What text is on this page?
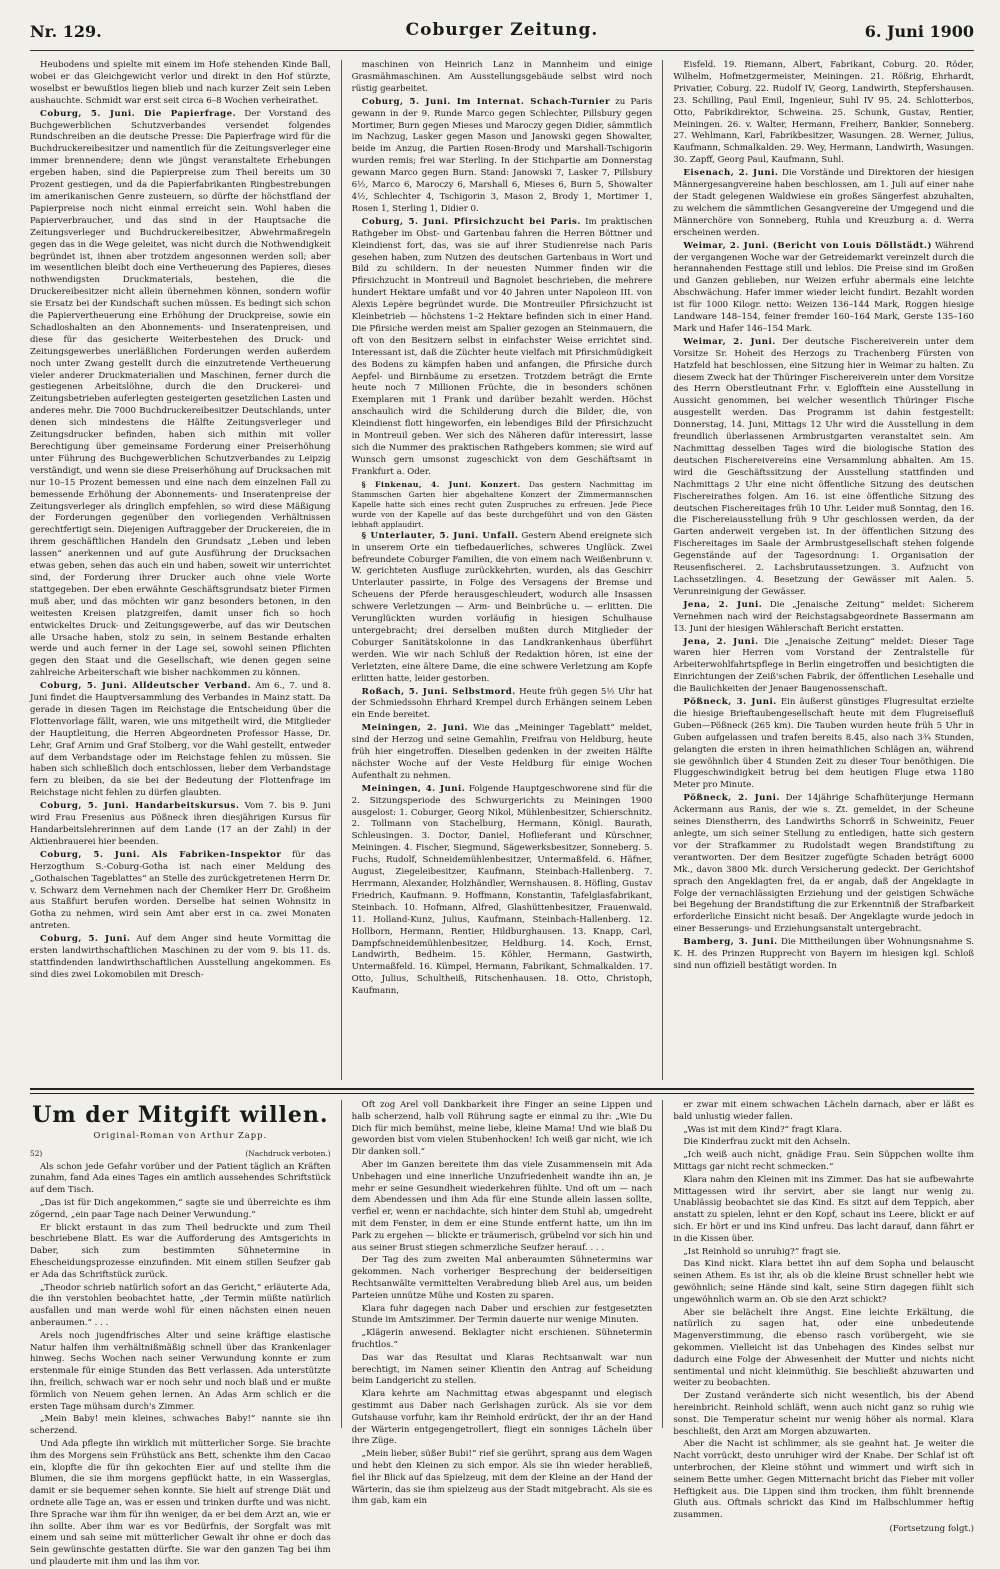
Nr. 129.	Coburger Zeitung.	6. Juni 1900

Heubodens und spielte mit einem im Hofe stehenden Kinde Ball, wobei er das Gleichgewicht verlor und direkt in den Hof stürzte, woselbst er bewußtlos liegen blieb und nach kurzer Zeit sein Leben aushauchte. Schmidt war erst seit circa 6–8 Wochen verheirathet.

Coburg, 5. Juni. Die Papierfrage. Der Vorstand des Buchgewerblichen Schutzverbandes versendet folgendes Rundschreiben an die deutsche Presse: Die Papierfrage wird für die Buchdruckereibesitzer und namentlich für die Zeitungsverleger eine immer brennendere; denn wie jüngst veranstaltete Erhebungen ergeben haben, sind die Papierpreise zum Theil bereits um 30 Prozent gestiegen, und da die Papierfabrikanten Ringbestrebungen im amerikanischen Genre zusteuern, so dürfte der höchstfland der Papierpreise noch nicht einmal erreicht sein. Wohl haben die Papierverbraucher, und das sind in der Hauptsache die Zeitungsverleger und Buchdruckereibesitzer, Abwehrmaßregeln gegen das in die Wege geleitet, was nicht durch die Nothwendigkeit begründet ist, ihnen aber trotzdem angesonnen werden soll; aber im wesentlichen bleibt doch eine Vertheuerung des Papieres, dieses nothwendigsten Druckmaterials, bestehen, die die Druckereibesitzer nicht allein übernehmen können, sondern wofür sie Ersatz bei der Kundschaft suchen müssen. Es bedingt sich schon die Papiervertheuerung eine Erhöhung der Druckpreise, sowie ein Schadloshalten an den Abonnements- und Inseratenpreisen, und diese für das gesicherte Weiterbestehen des Druck- und Zeitungsgewerbes unerläßlichen Forderungen werden außerdem noch unter Zwang gestellt durch die einzutretende Vertheuerung vieler anderer Druckmaterialien und Maschinen, ferner durch die gestiegenen Arbeitslöhne, durch die den Druckerei- und Zeitungsbetrieben auferlegten gesteigerten gesetzlichen Lasten und anderes mehr. Die 7000 Buchdruckereibesitzer Deutschlands, unter denen sich mindestens die Hälfte Zeitungsverleger und Zeitungsdrucker befinden, haben sich mithin mit voller Berechtigung über gemeinsame Forderung einer Preiserhöhung unter Führung des Buchgewerblichen Schutzverbandes zu Leipzig verständigt, und wenn sie diese Preiserhöhung auf Drucksachen mit nur 10–15 Prozent bemessen und eine nach dem einzelnen Fall zu bemessende Erhöhung der Abonnements- und Inseratenpreise der Zeitungsverleger als dringlich empfehlen, so wird diese Mäßigung der Forderungen gegenüber den vorliegenden Verhältnissen gerechtfertigt sein. Diejenigen Auftraggeber der Druckereien, die in ihrem geschäftlichen Handeln den Grundsatz „Leben und leben lassen“ anerkennen und auf gute Ausführung der Drucksachen etwas geben, sehen das auch ein und haben, soweit wir unterrichtet sind, der Forderung ihrer Drucker auch ohne viele Worte stattgegeben. Der eben erwähnte Geschäftsgrundsatz bieter Firmen muß aber, und das möchten wir ganz besonders betonen, in den weitesten Kreisen platzgreifen, damit unser fich so hoch entwickeltes Druck- und Zeitungsgewerbe, auf das wir Deutschen alle Ursache haben, stolz zu sein, in seinem Bestande erhalten werde und auch ferner in der Lage sei, sowohl seinen Pflichten gegen den Staat und die Gesellschaft, wie denen gegen seine zahlreiche Arbeiterschaft wie bisher nachkommen zu können.

Coburg, 5. Juni. Alldeutscher Verband. Am 6., 7. und 8. Juni findet die Hauptversammlung des Verbandes in Mainz statt. Da gerade in diesen Tagen im Reichstage die Entscheidung über die Flottenvorlage fällt, waren, wie uns mitgetheilt wird, die Mitglieder der Hauptleitung, die Herren Abgeordneten Professor Hasse, Dr. Lehr, Graf Arnim und Graf Stolberg, vor die Wahl gestellt, entweder auf dem Verbandstage oder im Reichstage fehlen zu müssen. Sie haben sich schließlich doch entschlossen, lieber dem Verbandstage fern zu bleiben, da sie bei der Bedeutung der Flottenfrage im Reichstage nicht fehlen zu dürfen glaubten.

Coburg, 5. Juni. Handarbeitskursus. Vom 7. bis 9. Juni wird Frau Fresenius aus Pößneck ihren diesjährigen Kursus für Handarbeitslehrerinnen auf dem Lande (17 an der Zahl) in der Aktienbrauerei hier beenden.

Coburg, 5. Juni. Als Fabriken-Inspektor für das Herzogthum S.-Coburg-Gotha ist nach einer Meldung des „Gothaischen Tageblattes“ an Stelle des zurückgetretenen Herrn Dr. v. Schwarz dem Vernehmen nach der Chemiker Herr Dr. Großheim aus Staßfurt berufen worden. Derselbe hat seinen Wohnsitz in Gotha zu nehmen, wird sein Amt aber erst in ca. zwei Monaten antreten.

Coburg, 5. Juni. Auf dem Anger sind heute Vormittag die ersten landwirthschaftlichen Maschinen zu der vom 9. bis 11. ds. stattfindenden landwirthschaftlichen Ausstellung angekommen. Es sind dies zwei Lokomobilen mit Dresch-

maschinen von Heinrich Lanz in Mannheim und einige Grasmähmaschinen. Am Ausstellungsgebäude selbst wird noch rüstig gearbeitet.

Coburg, 5. Juni. Im Internat. Schach-Turnier zu Paris gewann in der 9. Runde Marco gegen Schlechter, Pillsbury gegen Mortimer, Burn gegen Mieses und Maroczy gegen Didier, sämmtlich im Nachzug, Lasker gegen Mason und Janowski gegen Showalter, beide im Anzug, die Partien Rosen-Brody und Marshall-Tschigorin wurden remis; frei war Sterling. In der Stichpartie am Donnerstag gewann Marco gegen Burn. Stand: Janowski 7, Lasker 7, Pillsbury 6½, Marco 6, Maroczy 6, Marshall 6, Mieses 6, Burn 5, Showalter 4½, Schlechter 4, Tschigorin 3, Mason 2, Brody 1, Mortimer 1, Rosen 1, Sterling 1, Didier 0.

Coburg, 5. Juni. Pfirsichzucht bei Paris. Im praktischen Rathgeber im Obst- und Gartenbau fahren die Herren Böttner und Kleindienst fort, das, was sie auf ihrer Studienreise nach Paris gesehen haben, zum Nutzen des deutschen Gartenbaus in Wort und Bild zu schildern. In der neuesten Nummer finden wir die Pfirsichzucht in Montreuil und Bagnolet beschrieben, die mehrere hundert Hektare umfaßt und vor 40 Jahren unter Napoleon III. von Alexis Lepère begründet wurde. Die Montreuiler Pfirsichzucht ist Kleinbetrieb — höchstens 1–2 Hektare befinden sich in einer Hand. Die Pfirsiche werden meist am Spalier gezogen an Steinmauern, die oft von den Besitzern selbst in einfachster Weise errichtet sind. Interessant ist, daß die Züchter heute vielfach mit Pfirsichmüdigkeit des Bodens zu kämpfen haben und anfangen, die Pfirsiche durch Aepfel- und Birnbäume zu ersetzen. Trotzdem beträgt die Ernte heute noch 7 Millionen Früchte, die in besonders schönen Exemplaren mit 1 Frank und darüber bezahlt werden. Höchst anschaulich wird die Schilderung durch die Bilder, die, von Kleindienst flott hingeworfen, ein lebendiges Bild der Pfirsichzucht in Montreuil geben. Wer sich des Näheren dafür interessirt, lasse sich die Nummer des praktischen Rathgebers kommen; sie wird auf Wunsch gern umsonst zugeschickt von dem Geschäftsamt in Frankfurt a. Oder.

§ Finkenau, 4. Juni. Konzert. Das gestern Nachmittag im Stammschen Garten hier abgehaltene Konzert der Zimmermannschen Kapelle hatte sich eines recht guten Zuspruches zu erfreuen. Jede Piece wurde von der Kapelle auf das beste durchgeführt und von den Gästen lebhaft applaudirt.

§ Unterlauter, 5. Juni. Unfall. Gestern Abend ereignete sich in unserem Orte ein tiefbedauerliches, schweres Unglück. Zwei befreundete Coburger Familien, die von einem nach Weißenbrunn v. W. gerichteten Ausfluge zurückkehrten, wurden, als das Geschirr Unterlauter passirte, in Folge des Versagens der Bremse und Scheuens der Pferde herausgeschleudert, wodurch alle Insassen schwere Verletzungen — Arm- und Beinbrüche u. — erlitten. Die Verunglückten wurden vorläufig in hiesigen Schulhause untergebracht; drei derselben mußten durch Mitglieder der Coburger Sanitätskolonne in das Landkrankenhaus überführt werden. Wie wir nach Schluß der Redaktion hören, ist eine der Verletzten, eine ältere Dame, die eine schwere Verletzung am Kopfe erlitten hatte, leider gestorben.

Roßach, 5. Juni. Selbstmord. Heute früh gegen 5½ Uhr hat der Schmiedssohn Ehrhard Krempel durch Erhängen seinem Leben ein Ende bereitet.

Meiningen, 2. Juni. Wie das „Meininger Tageblatt“ meldet, sind der Herzog und seine Gemahlin, Freifrau von Heldburg, heute früh hier eingetroffen. Dieselben gedenken in der zweiten Hälfte nächster Woche auf der Veste Heldburg für einige Wochen Aufenthalt zu nehmen.

Meiningen, 4. Juni. Folgende Hauptgeschworene sind für die 2. Sitzungsperiode des Schwurgerichts zu Meiningen 1900 ausgelost: 1. Coburger, Georg Nikol, Mühlenbesitzer, Schierschnitz. 2. Tollmann von Stachelburg, Hermann, Königl. Baurath, Schleusingen. 3. Doctor, Daniel, Hoflieferant und Kürschner, Meiningen. 4. Fischer, Siegmund, Sägewerksbesitzer, Sonneberg. 5. Fuchs, Rudolf, Schneidemühlenbesitzer, Untermaßfeld. 6. Häfner, August, Ziegeleibesitzer, Kaufmann, Steinbach-Hallenberg. 7. Herrmann, Alexander, Holzhändler, Wernshausen. 8. Höfling, Gustav Friedrich, Kaufmann. 9. Hoffmann, Konstantin, Tafelglasfabrikant, Steinbach. 10. Hofmann, Alfred, Glashüttenbesitzer, Frauenwald. 11. Holland-Kunz, Julius, Kaufmann, Steinbach-Hallenberg. 12. Hollborn, Hermann, Rentier, Hildburghausen. 13. Knapp, Carl, Dampfschneidemühlenbesitzer, Heldburg. 14. Koch, Ernst, Landwirth, Bedheim. 15. Köhler, Hermann, Gastwirth, Untermaßfeld. 16. Kümpel, Hermann, Fabrikant, Schmalkalden. 17. Otto, Julius, Schultheiß, Ritschenhausen. 18. Otto, Christoph, Kaufmann,

Eisfeld. 19. Riemann, Albert, Fabrikant, Coburg. 20. Röder, Wilhelm, Hofmetzgermeister, Meiningen. 21. Rößrig, Ehrhardt, Privatier, Coburg. 22. Rudolf IV, Georg, Landwirth, Stepfershausen. 23. Schilling, Paul Emil, Ingenieur, Suhl IV 95. 24. Schlotterbos, Otto, Fabrikdirektor, Schweina. 25. Schunk, Gustav, Rentier, Meiningen. 26. v. Walter, Hermann, Freiherr, Bankier, Sonneberg. 27. Wehlmann, Karl, Fabrikbesitzer, Wasungen. 28. Werner, Julius, Kaufmann, Schmalkalden. 29. Wey, Hermann, Landwirth, Wasungen. 30. Zapff, Georg Paul, Kaufmann, Suhl.

Eisenach, 2. Juni. Die Vorstände und Direktoren der hiesigen Männergesangvereine haben beschlossen, am 1. Juli auf einer nahe der Stadt gelegenen Waldwiese ein großes Sängerfest abzuhalten, zu welchem die sämmtlichen Gesangvereine der Umgegend und die Männerchöre von Sonneberg, Ruhla und Kreuzburg a. d. Werra erscheinen werden.

Weimar, 2. Juni. (Bericht von Louis Döllstädt.) Während der vergangenen Woche war der Getreidemarkt vereinzelt durch die herannahenden Festtage still und leblos. Die Preise sind im Großen und Ganzen geblieben, nur Weizen erfuhr abermals eine leichte Abschwächung. Hafer immer wieder leicht fundirt. Bezahlt worden ist für 1000 Kilogr. netto: Weizen 136–144 Mark, Roggen hiesige Landware 148–154, feiner fremder 160–164 Mark, Gerste 135–160 Mark und Hafer 146–154 Mark.

Weimar, 2. Juni. Der deutsche Fischereiverein unter dem Vorsitze Sr. Hoheit des Herzogs zu Trachenberg Fürsten von Hatzfeld hat beschlossen, eine Sitzung hier in Weimar zu halten. Zu diesem Zweck hat der Thüringer Fischereiverein unter dem Vorsitze des Herrn Oberstleutnant Frhr. v. Eglofftein eine Ausstellung in Aussicht genommen, bei welcher wesentlich Thüringer Fische ausgestellt werden. Das Programm ist dahin festgestellt: Donnerstag, 14. Juni, Mittags 12 Uhr wird die Ausstellung in dem freundlich überlassenen Armbrustgarten veranstaltet sein. Am Nachmittag desselben Tages wird die biologische Station des deutschen Fischereivereins eine Versammlung abhalten. Am 15. wird die Geschäftssitzung der Ausstellung stattfinden und Nachmittags 2 Uhr eine nicht öffentliche Sitzung des deutschen Fischereirathes folgen. Am 16. ist eine öffentliche Sitzung des deutschen Fischereitages früh 10 Uhr. Leider muß Sonntag, den 16. die Fischereiausstellung früh 9 Uhr geschlossen werden, da der Garten anderweit vergeben ist. In der öffentlichen Sitzung des Fischereitages im Saale der Armbrustgesellschaft stehen folgende Gegenstände auf der Tagesordnung: 1. Organisation der Reusenfischerei. 2. Lachsbrutaussetzungen. 3. Aufzucht von Lachssetzlingen. 4. Besetzung der Gewässer mit Aalen. 5. Verunreinigung der Gewässer.

Jena, 2. Juni. Die „Jenaische Zeitung“ meldet: Sicherem Vernehmen nach wird der Reichstagsabgeordnete Bassermann am 13. Juni der hiesigen Wählerschaft Bericht erstatten.

Jena, 2. Juni. Die „Jenaische Zeitung“ meldet: Dieser Tage waren hier Herren vom Vorstand der Zentralstelle für Arbeiterwohlfahrtspflege in Berlin eingetroffen und besichtigten die Einrichtungen der Zeiß'schen Fabrik, der öffentlichen Lesehalle und die Baulichkeiten der Jenaer Baugenossenschaft.

Pößneck, 3. Juni. Ein äußerst günstiges Flugresultat erzielte die hiesige Brieftaubengesellschaft heute mit dem Flugreisefluß Guben—Pößneck (265 km). Die Tauben wurden heute früh 5 Uhr in Guben aufgelassen und trafen bereits 8.45, also nach 3¾ Stunden, gelangten die ersten in ihren heimathlichen Schlägen an, während sie gewöhnlich über 4 Stunden Zeit zu dieser Tour benöthigen. Die Fluggeschwindigkeit betrug bei dem heutigen Fluge etwa 1180 Meter pro Minute.

Pößneck, 2. Juni. Der 14jährige Schafhüterjunge Hermann Ackermann aus Ranis, der wie s. Zt. gemeldet, in der Scheune seines Dienstherrn, des Landwirths Schorrß in Schweinitz, Feuer anlegte, um sich seiner Stellung zu entledigen, hatte sich gestern vor der Strafkammer zu Rudolstadt wegen Brandstiftung zu verantworten. Der dem Besitzer zugefügte Schaden beträgt 6000 Mk., davon 3800 Mk. durch Versicherung gedeckt. Der Gerichtshof sprach den Angeklagten frei, da er angab, daß der Angeklagte in Folge der vernachlässigten Erziehung und der geistigen Schwäche bei Begehung der Brandstiftung die zur Erkenntniß der Strafbarkeit erforderliche Einsicht nicht besaß. Der Angeklagte wurde jedoch in einer Besserungs- und Erziehungsanstalt untergebracht.

Bamberg, 3. Juni. Die Mittheilungen über Wohnungsnahme S. K. H. des Prinzen Rupprecht von Bayern im hiesigen kgl. Schloß sind nun offiziell bestätigt worden. In

Um der Mitgift willen.
Original-Roman von Arthur Zapp.
52)	(Nachdruck verboten.)

Als schon jede Gefahr vorüber und der Patient täglich an Kräften zunahm, fand Ada eines Tages ein amtlich aussehendes Schriftstück auf dem Tisch.

„Das ist für Dich angekommen,“ sagte sie und überreichte es ihm zögernd, „ein paar Tage nach Deiner Verwundung.“

Er blickt erstaunt in das zum Theil bedruckte und zum Theil beschriebene Blatt. Es war die Aufforderung des Amtsgerichts in Daber, sich zum bestimmten Sühnetermine in Ehescheidungsprozesse einzufinden. Mit einem stillen Seufzer gab er Ada das Schriftstück zurück.

„Theodor schrieb natürlich sofort an das Gericht,“ erläuterte Ada, die ihn verstohlen beobachtet hatte, „der Termin müßte natürlich ausfallen und man werde wohl für einen nächsten einen neuen anberaumen.“ . . .

Arels noch jugendfrisches Alter und seine kräftige elastische Natur halfen ihm verhältnißmäßig schnell über das Krankenlager hinweg. Sechs Wochen nach seiner Verwundung konnte er zum erstenmale für einige Stunden das Bett verlassen. Ada unterstützte ihn, freilich, schwach war er noch sehr und noch blaß und er mußte förmlich von Neuem gehen lernen. An Adas Arm schlich er die ersten Tage mühsam durch's Zimmer.

„Mein Baby! mein kleines, schwaches Baby!“ nannte sie ihn scherzend.

Und Ada pflegte ihn wirklich mit mütterlicher Sorge. Sie brachte ihm des Morgens sein Frühstück ans Bett, schenkte ihm den Cacao ein, klopfte die für ihn gekochten Eier auf und stellte ihm die Blumen, die sie ihm morgens gepflückt hatte, in ein Wasserglas, damit er sie bequemer sehen konnte. Sie hielt auf strenge Diät und ordnete alle Tage an, was er essen und trinken durfte und was nicht. Ihre Sprache war ihm für ihn weniger, da er bei dem Arzt an, wie er ihn sollte. Aber ihm war es vor Bedürfnis, der Sorgfalt was mit einem und sah seine mit mütterlicher Gewalt ihr ohne er doch das Sein gewünschte gestatten dürfte. Sie war den ganzen Tag bei ihm und plauderte mit ihm und las ihm vor.

Oft zog Arel voll Dankbarkeit ihre Finger an seine Lippen und halb scherzend, halb voll Rührung sagte er einmal zu ihr: „Wie Du Dich für mich bemühst, meine liebe, kleine Mama! Und wie blaß Du geworden bist vom vielen Stubenhocken! Ich weiß gar nicht, wie ich Dir danken soll.“

Aber im Ganzen bereitete ihm das viele Zusammensein mit Ada Unbehagen und eine innerliche Unzufriedenheit wandte ihn an, je mehr er seine Gesundheit wiederkehren fühlte. Und oft um — nach dem Abendessen und ihm Ada für eine Stunde allein lassen sollte, verfiel er, wenn er nachdachte, sich hinter dem Stuhl ab, umgedreht mit dem Fenster, in dem er eine Stunde entfernt hatte, um ihn im Park zu ergehen — blickte er träumerisch, grübelnd vor sich hin und aus seiner Brust stiegen schmerzliche Seufzer herauf. . . .

Der Tag des zum zweiten Mal anberaumten Sühnetermins war gekommen. Nach vorheriger Besprechung der beiderseitigen Rechtsanwälte vermittelten Verabredung blieb Arel aus, um beiden Parteien unnütze Mühe und Kosten zu sparen.

Klara fuhr dagegen nach Daber und erschien zur festgesetzten Stunde im Amtszimmer. Der Termin dauerte nur wenige Minuten.

„Klägerin anwesend. Beklagter nicht erschienen. Sühnetermin fruchtlos.“

Das war das Resultat und Klaras Rechtsanwalt war nun berechtigt, im Namen seiner Klientin den Antrag auf Scheidung beim Landgericht zu stellen.

Klara kehrte am Nachmittag etwas abgespannt und elegisch gestimmt aus Daber nach Gerlshagen zurück. Als sie vor dem Gutshause vorfuhr, kam ihr Reinhold erdrückt, der ihr an der Hand der Wärterin entgegengetrollert, fliegt ein sonniges Lächeln über ihre Züge.

„Mein lieber, süßer Bubi!“ rief sie gerührt, sprang aus dem Wagen und hebt den Kleinen zu sich empor. Als sie ihn wieder herabließ, fiel ihr Blick auf das Spielzeug, mit dem der Kleine an der Hand der Wärterin, das sie ihm spielzeug aus der Stadt mitgebracht. Als sie es ihm gab, kam ein

er zwar mit einem schwachen Lächeln darnach, aber er läßt es bald unlustig wieder fallen.

„Was ist mit dem Kind?“ fragt Klara.

Die Kinderfrau zuckt mit den Achseln.

„Ich weiß auch nicht, gnädige Frau. Sein Süppchen wollte ihm Mittags gar nicht recht schmecken.“

Klara nahm den Kleinen mit ins Zimmer. Das hat sie aufbewahrte Mittagessen wird ihr servirt, aber sie langt nur wenig zu. Unablässig beobachtet sie das Kind. Es sitzt auf dem Teppich, aber anstatt zu spielen, lehnt er den Kopf, schaut ins Leere, blickt er auf sich. Er hört er und ins Kind unfreu. Das lacht darauf, dann fährt er in die Kissen über.

„Ist Reinhold so unruhig?“ fragt sie.

Das Kind nickt. Klara bettet ihn auf dem Sopha und belauscht seinen Athem. Es ist ihr, als ob die kleine Brust schneller hebt wie gewöhnlich; seine Hände sind kalt, seine Stirn dagegen fühlt sich ungewöhnlich warm an. Ob sie den Arzt schickt?

Aber sie belächelt ihre Angst. Eine leichte Erkältung, die natürlich zu sagen hat, oder eine unbedeutende Magenverstimmung, die ebenso rasch vorübergeht, wie sie gekommen. Vielleicht ist das Unbehagen des Kindes selbst nur dadurch eine Folge der Abwesenheit der Mutter und nichts nicht sentimental und nicht kleinmüthig. Sie beschließt abzuwarten und weiter zu beobachten.

Der Zustand veränderte sich nicht wesentlich, bis der Abend hereinbricht. Reinhold schläft, wenn auch nicht ganz so ruhig wie sonst. Die Temperatur scheint nur wenig höher als normal. Klara beschließt, den Arzt am Morgen abzuwarten.

Aber die Nacht ist schlimmer, als sie geahnt hat. Je weiter die Nacht vorrückt, desto unruhiger wird der Knabe. Der Schlaf ist oft unterbrochen, der Kleine stöhnt und wimmert und wirft sich in seinem Bette umher. Gegen Mitternacht bricht das Fieber mit voller Heftigkeit aus. Die Lippen sind ihm trocken, ihm fühlt brennende Gluth aus. Oftmals schrickt das Kind im Halbschlummer heftig zusammen.

(Fortsetzung folgt.)
